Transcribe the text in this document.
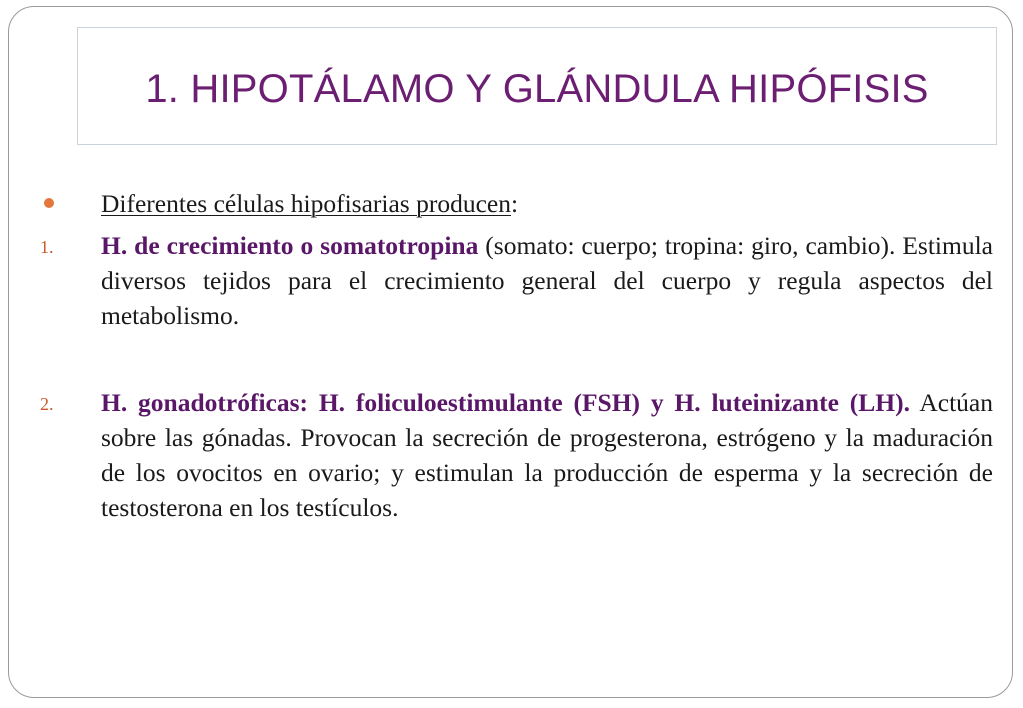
1. HIPOTÁLAMO Y GLÁNDULA HIPÓFISIS

Diferentes células hipofisarias producen:

1. H. de crecimiento o somatotropina (somato: cuerpo; tropina: giro, cambio). Estimula diversos tejidos para el crecimiento general del cuerpo y regula aspectos del metabolismo.

2. H. gonadotróficas: H. foliculoestimulante (FSH) y H. luteinizante (LH). Actúan sobre las gónadas. Provocan la secreción de progesterona, estrógeno y la maduración de los ovocitos en ovario; y estimulan la producción de esperma y la secreción de testosterona en los testículos.
